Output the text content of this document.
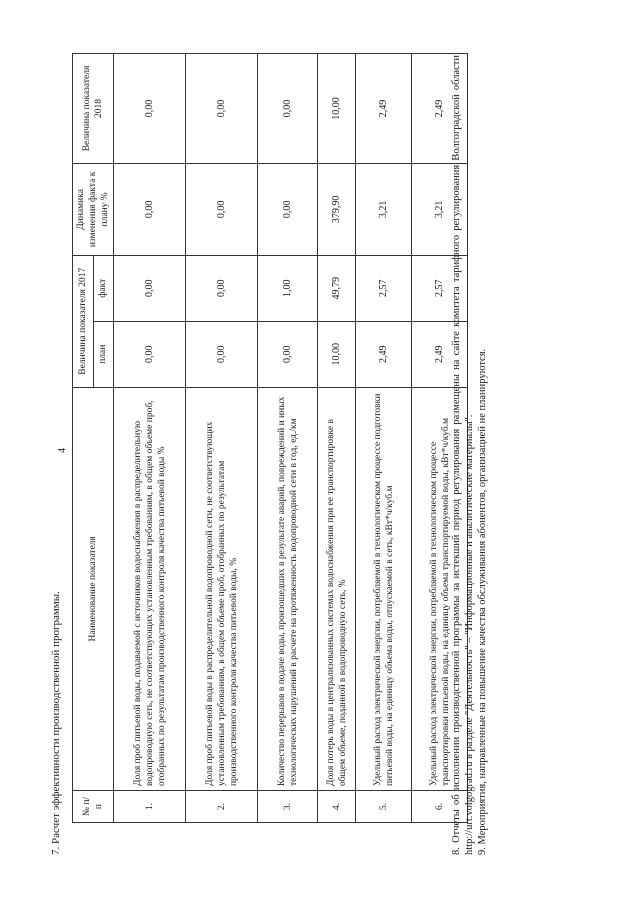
4
7. Расчет эффективности производственной программы. № п/п	Наименование показателя	Величина показателя 2017		Динамика изменения факта к плану %	Величина показателя 2018
		план	факт		
1.	Доля проб питьевой воды, подаваемой с источников водоснабжения в распределительную водопроводную сеть, не соответствующих установленным требованиям, в общем объеме проб, отобранных по результатам производственного контроля качества питьевой воды %	0,00	0,00	0,00	0,00
2.	Доля проб питьевой воды в распределительной водопроводной сети, не соответствующих установленным требованиям, в общем объеме проб, отобранных по результатам производственного контроля качества питьевой воды, %	0,00	0,00	0,00	0,00
3.	Количество перерывов в подаче воды, произошедших в результате аварий, повреждений и иных технологических нарушений в расчете на протяженность водопроводной сети в год, ед./км	0,00	1,00	0,00	0,00
4.	Доля потерь воды в централизованных системах водоснабжения при ее транспортировке в общем объеме, поданной в водопроводную сеть, %	10,00	49,79	379,90	10,00
5.	Удельный расход электрической энергии, потребляемой в технологическом процессе подготовки питьевой воды, на единицу объема воды, отпускаемой в сеть, кВт*ч/куб.м	2,49	2,57	3,21	2,49
6.	Удельный расход электрической энергии, потребляемой в технологическом процессе транспортировки питьевой воды, на единицу объема транспортируемой воды, кВт*ч/куб.м	2,49	2,57	3,21	2,49 8. Отчеты об исполнении производственной программы за истекший период регулирования размещены на сайте комитета тарифного регулирования Волгоградской области http://urt.volgograd.ru в разделе "Деятельность" – "Информационные и аналитические материалы". 9. Мероприятия, направленные на повышение качества обслуживания абонентов, организацией не планируются.
